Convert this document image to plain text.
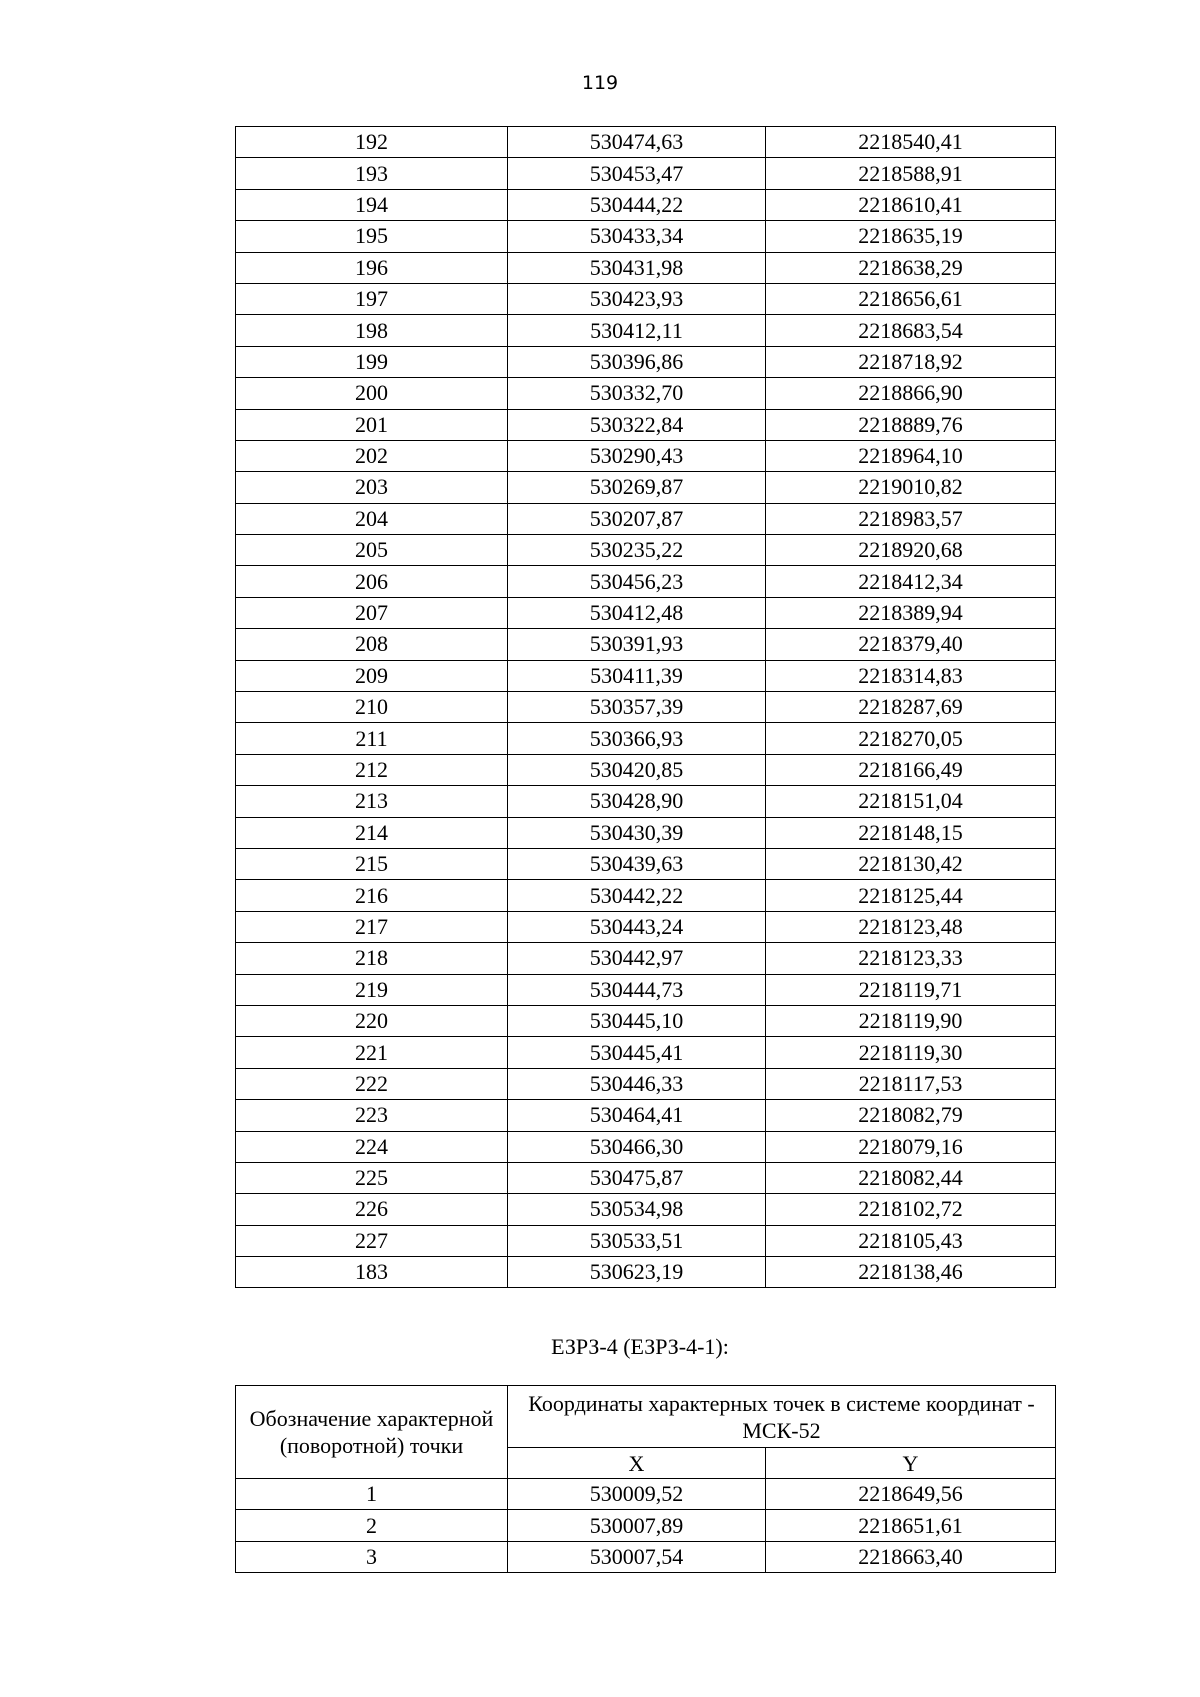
119
192	530474,63	2218540,41
193	530453,47	2218588,91
194	530444,22	2218610,41
195	530433,34	2218635,19
196	530431,98	2218638,29
197	530423,93	2218656,61
198	530412,11	2218683,54
199	530396,86	2218718,92
200	530332,70	2218866,90
201	530322,84	2218889,76
202	530290,43	2218964,10
203	530269,87	2219010,82
204	530207,87	2218983,57
205	530235,22	2218920,68
206	530456,23	2218412,34
207	530412,48	2218389,94
208	530391,93	2218379,40
209	530411,39	2218314,83
210	530357,39	2218287,69
211	530366,93	2218270,05
212	530420,85	2218166,49
213	530428,90	2218151,04
214	530430,39	2218148,15
215	530439,63	2218130,42
216	530442,22	2218125,44
217	530443,24	2218123,48
218	530442,97	2218123,33
219	530444,73	2218119,71
220	530445,10	2218119,90
221	530445,41	2218119,30
222	530446,33	2218117,53
223	530464,41	2218082,79
224	530466,30	2218079,16
225	530475,87	2218082,44
226	530534,98	2218102,72
227	530533,51	2218105,43
183	530623,19	2218138,46
ЕЗРЗ-4 (ЕЗРЗ-4-1):
Обозначение характерной (поворотной) точки	Координаты характерных точек в системе координат - МСК-52	
	X	Y
1	530009,52	2218649,56
2	530007,89	2218651,61
3	530007,54	2218663,40
